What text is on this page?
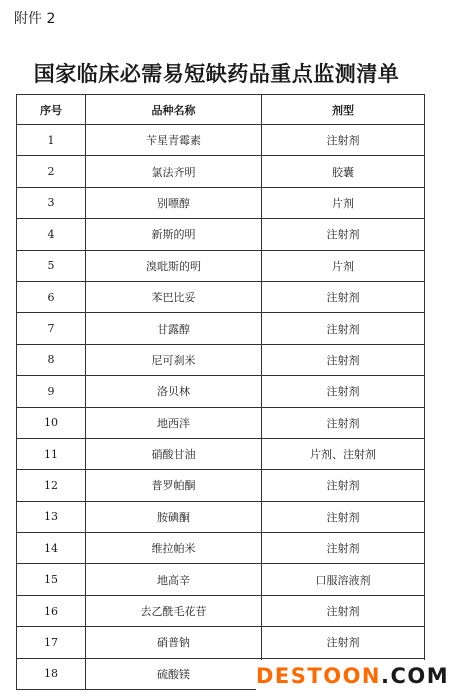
附件 2
国家临床必需易短缺药品重点监测清单
序号	品种名称	剂型
1	苄星青霉素	注射剂
2	氯法齐明	胶囊
3	别嘌醇	片剂
4	新斯的明	注射剂
5	溴吡斯的明	片剂
6	苯巴比妥	注射剂
7	甘露醇	注射剂
8	尼可刹米	注射剂
9	洛贝林	注射剂
10	地西泮	注射剂
11	硝酸甘油	片剂、注射剂
12	普罗帕酮	注射剂
13	胺碘酮	注射剂
14	维拉帕米	注射剂
15	地高辛	口服溶液剂
16	去乙酰毛花苷	注射剂
17	硝普钠	注射剂
18	硫酸镁		DESTOON.COM
